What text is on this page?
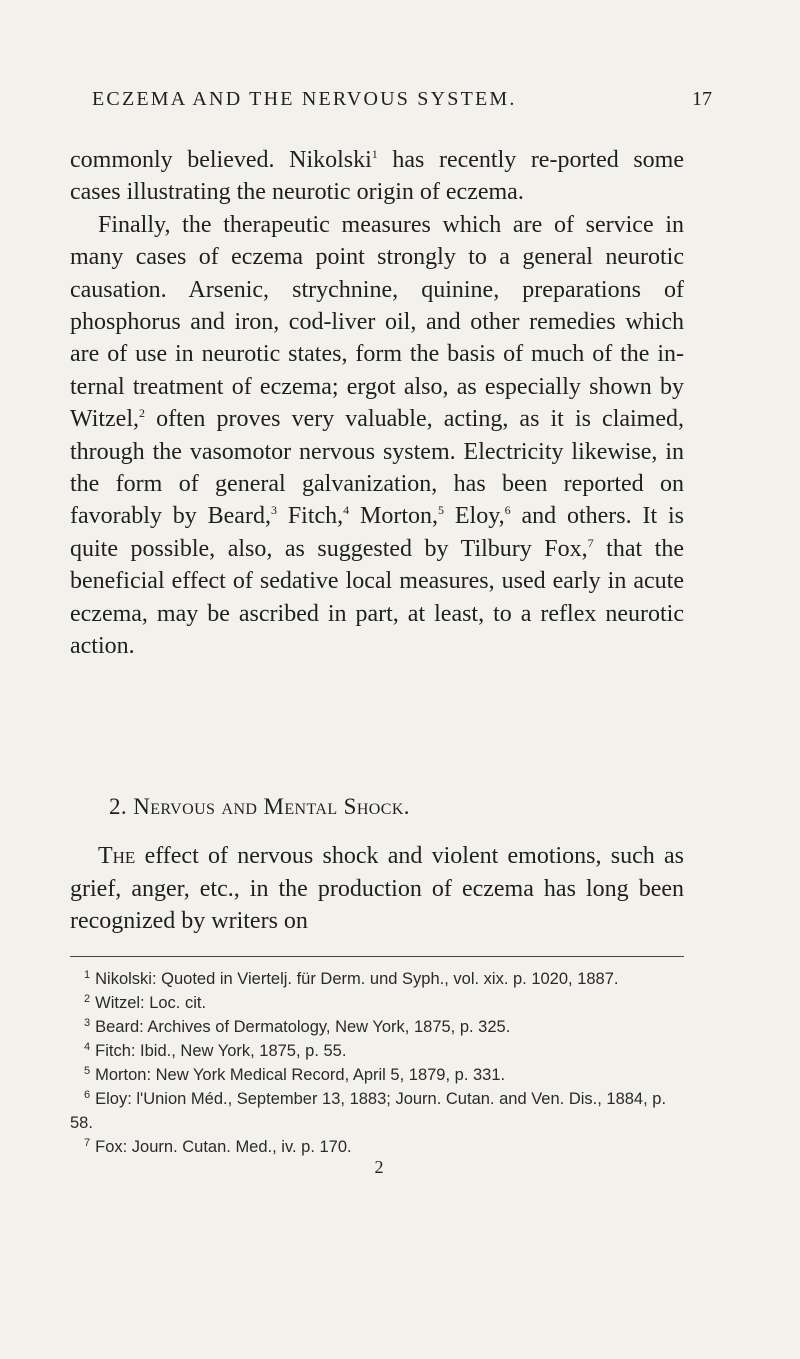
ECZEMA AND THE NERVOUS SYSTEM.	17

commonly believed. Nikolski$^1$ has recently re-ported some cases illustrating the neurotic origin of eczema.

Finally, the therapeutic measures which are of service in many cases of eczema point strongly to a general neurotic causation. Arsenic, strychnine, quinine, preparations of phosphorus and iron, cod-liver oil, and other remedies which are of use in neurotic states, form the basis of much of the in-ternal treatment of eczema; ergot also, as especially shown by Witzel,$^2$ often proves very valuable, acting, as it is claimed, through the vasomotor nervous system. Electricity likewise, in the form of general galvanization, has been reported on favorably by Beard,$^3$ Fitch,$^4$ Morton,$^5$ Eloy,$^6$ and others. It is quite possible, also, as suggested by Tilbury Fox,$^7$ that the beneficial effect of sedative local measures, used early in acute eczema, may be ascribed in part, at least, to a reflex neurotic action.

2. Nervous and Mental Shock.

The effect of nervous shock and violent emotions, such as grief, anger, etc., in the production of eczema has long been recognized by writers on

$^1$ Nikolski: Quoted in Viertelj. für Derm. und Syph., vol. xix. p. 1020, 1887.

$^2$ Witzel: Loc. cit.

$^3$ Beard: Archives of Dermatology, New York, 1875, p. 325.

$^4$ Fitch: Ibid., New York, 1875, p. 55.

$^5$ Morton: New York Medical Record, April 5, 1879, p. 331.

$^6$ Eloy: l'Union Méd., September 13, 1883; Journ. Cutan. and Ven. Dis., 1884, p. 58.

$^7$ Fox: Journ. Cutan. Med., iv. p. 170.

2
